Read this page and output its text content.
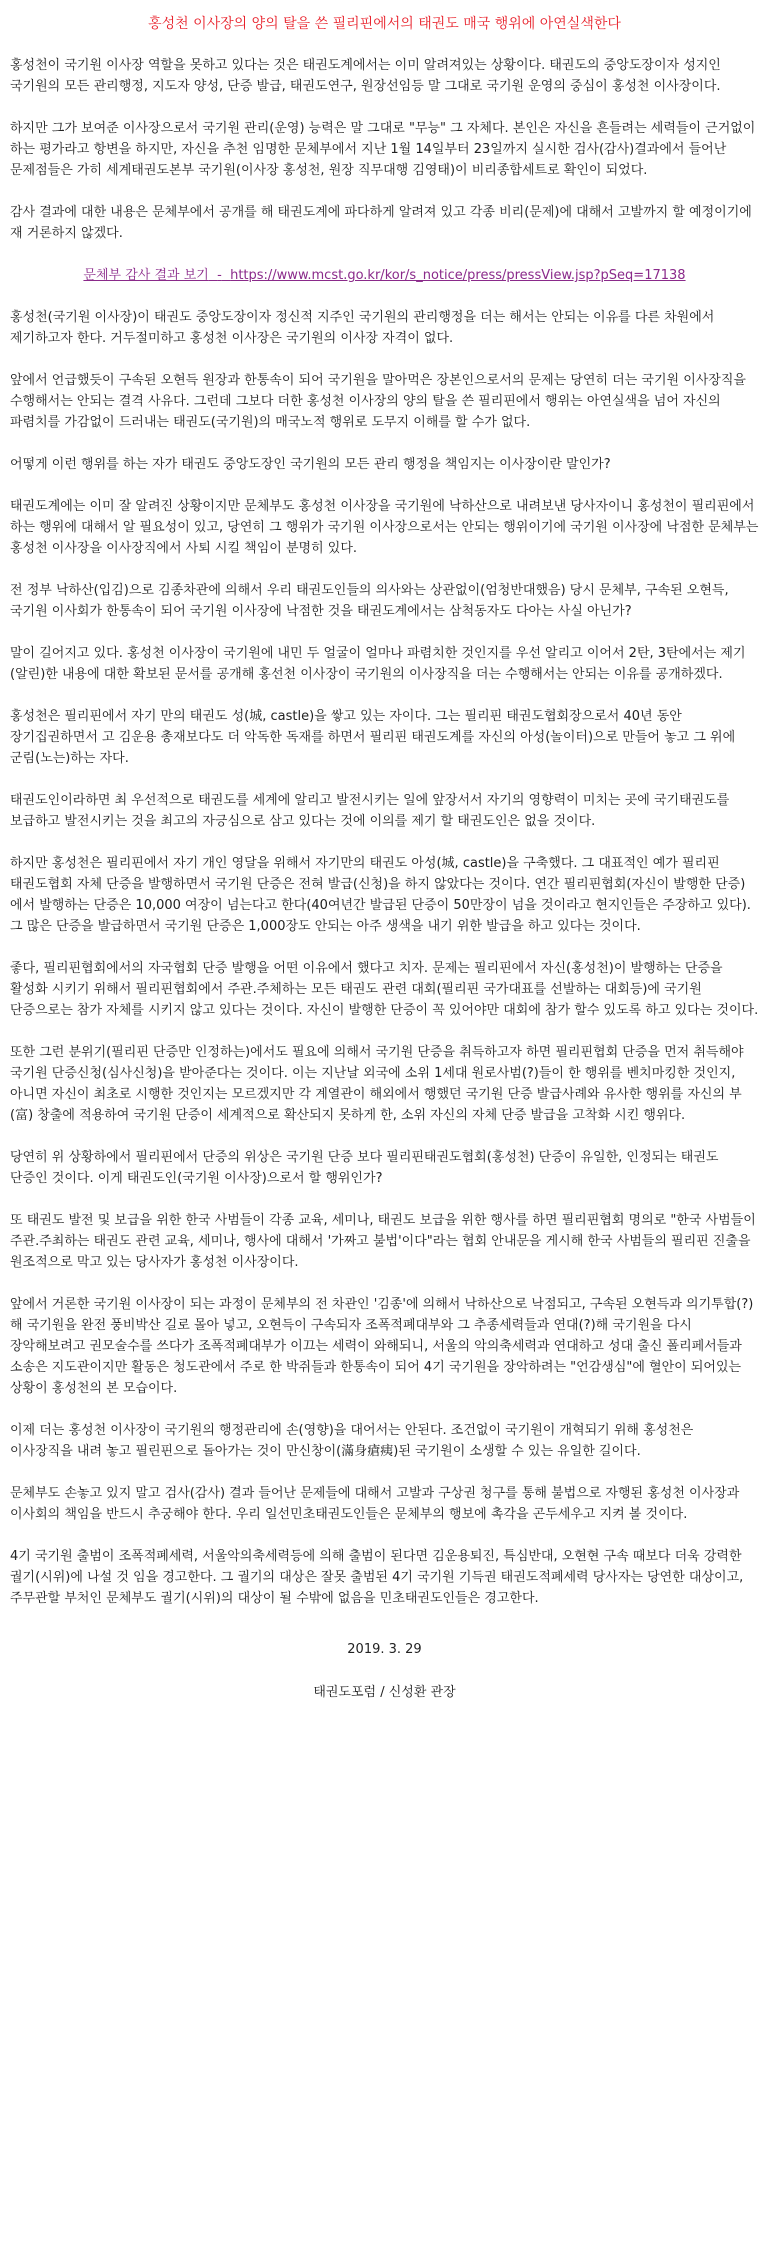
홍성천 이사장의 양의 탈을 쓴 필리핀에서의 태권도 매국 행위에 아연실색한다

홍성천이 국기원 이사장 역할을 못하고 있다는 것은 태권도계에서는 이미 알려져있는 상황이다. 태권도의 중앙도장이자 성지인 국기원의 모든 관리행정, 지도자 양성, 단증 발급, 태권도연구, 원장선임등 말 그대로 국기원 운영의 중심이 홍성천 이사장이다.

하지만 그가 보여준 이사장으로서 국기원 관리(운영) 능력은 말 그대로 "무능" 그 자체다. 본인은 자신을 흔들려는 세력들이 근거없이 하는 평가라고 항변을 하지만, 자신을 추천 임명한 문체부에서 지난 1월 14일부터 23일까지 실시한 검사(감사)결과에서 들어난 문제점들은 가히 세계태권도본부 국기원(이사장 홍성천, 원장 직무대행 김영태)이 비리종합세트로 확인이 되었다.

감사 결과에 대한 내용은 문체부에서 공개를 해 태권도계에 파다하게 알려져 있고 각종 비리(문제)에 대해서 고발까지 할 예정이기에 재 거론하지 않겠다.

문체부 감사 결과 보기 - https://www.mcst.go.kr/kor/s_notice/press/pressView.jsp?pSeq=17138

홍성천(국기원 이사장)이 태권도 중앙도장이자 정신적 지주인 국기원의 관리행정을 더는 해서는 안되는 이유를 다른 차원에서 제기하고자 한다. 거두절미하고 홍성천 이사장은 국기원의 이사장 자격이 없다.

앞에서 언급했듯이 구속된 오현득 원장과 한통속이 되어 국기원을 말아먹은 장본인으로서의 문제는 당연히 더는 국기원 이사장직을 수행해서는 안되는 결격 사유다. 그런데 그보다 더한 홍성천 이사장의 양의 탈을 쓴 필리핀에서 행위는 아연실색을 넘어 자신의 파렴치를 가감없이 드러내는 태권도(국기원)의 매국노적 행위로 도무지 이해를 할 수가 없다.

어떻게 이런 행위를 하는 자가 태권도 중앙도장인 국기원의 모든 관리 행정을 책임지는 이사장이란 말인가?

태권도계에는 이미 잘 알려진 상황이지만 문체부도 홍성천 이사장을 국기원에 낙하산으로 내려보낸 당사자이니 홍성천이 필리핀에서 하는 행위에 대해서 알 필요성이 있고, 당연히 그 행위가 국기원 이사장으로서는 안되는 행위이기에 국기원 이사장에 낙점한 문체부는 홍성천 이사장을 이사장직에서 사퇴 시킬 책임이 분명히 있다.

전 정부 낙하산(입김)으로 김종차관에 의해서 우리 태권도인들의 의사와는 상관없이(엄청반대했음) 당시 문체부, 구속된 오현득, 국기원 이사회가 한통속이 되어 국기원 이사장에 낙점한 것을 태권도계에서는 삼척동자도 다아는 사실 아닌가?

말이 길어지고 있다. 홍성천 이사장이 국기원에 내민 두 얼굴이 얼마나 파렴치한 것인지를 우선 알리고 이어서 2탄, 3탄에서는 제기(알린)한 내용에 대한 확보된 문서를 공개해 홍선천 이사장이 국기원의 이사장직을 더는 수행해서는 안되는 이유를 공개하겠다.

홍성천은 필리핀에서 자기 만의 태권도 성(城, castle)을 쌓고 있는 자이다. 그는 필리핀 태권도협회장으로서 40년 동안 장기집권하면서 고 김운용 총재보다도 더 악독한 독재를 하면서 필리핀 태권도계를 자신의 아성(놀이터)으로 만들어 놓고 그 위에 군림(노는)하는 자다.

태권도인이라하면 최 우선적으로 태권도를 세계에 알리고 발전시키는 일에 앞장서서 자기의 영향력이 미치는 곳에 국기태권도를 보급하고 발전시키는 것을 최고의 자긍심으로 삼고 있다는 것에 이의를 제기 할 태권도인은 없을 것이다.

하지만 홍성천은 필리핀에서 자기 개인 영달을 위해서 자기만의 태권도 아성(城, castle)을 구축했다. 그 대표적인 예가 필리핀 태권도협회 자체 단증을 발행하면서 국기원 단증은 전혀 발급(신청)을 하지 않았다는 것이다. 연간 필리핀협회(자신이 발행한 단증)에서 발행하는 단증은 10,000 여장이 넘는다고 한다(40여년간 발급된 단증이 50만장이 넘을 것이라고 현지인들은 주장하고 있다). 그 많은 단증을 발급하면서 국기원 단증은 1,000장도 안되는 아주 생색을 내기 위한 발급을 하고 있다는 것이다.

좋다, 필리핀협회에서의 자국협회 단증 발행을 어떤 이유에서 했다고 치자. 문제는 필리핀에서 자신(홍성천)이 발행하는 단증을 활성화 시키기 위해서 필리핀협회에서 주관.주체하는 모든 태권도 관련 대회(필리핀 국가대표를 선발하는 대회등)에 국기원 단증으로는 참가 자체를 시키지 않고 있다는 것이다. 자신이 발행한 단증이 꼭 있어야만 대회에 참가 할수 있도록 하고 있다는 것이다.

또한 그런 분위기(필리핀 단증만 인정하는)에서도 필요에 의해서 국기원 단증을 취득하고자 하면 필리핀협회 단증을 먼저 취득해야 국기원 단증신청(심사신청)을 받아준다는 것이다. 이는 지난날 외국에 소위 1세대 원로사범(?)들이 한 행위를 벤치마킹한 것인지, 아니면 자신이 최초로 시행한 것인지는 모르겠지만 각 계열관이 해외에서 행했던 국기원 단증 발급사례와 유사한 행위를 자신의 부(富) 창출에 적용하여 국기원 단증이 세계적으로 확산되지 못하게 한, 소위 자신의 자체 단증 발급을 고착화 시킨 행위다.

당연히 위 상황하에서 필리핀에서 단증의 위상은 국기원 단증 보다 필리핀태권도협회(홍성천) 단증이 유일한, 인정되는 태권도 단증인 것이다. 이게 태권도인(국기원 이사장)으로서 할 행위인가?

또 태권도 발전 및 보급을 위한 한국 사범들이 각종 교육, 세미나, 태권도 보급을 위한 행사를 하면 필리핀협회 명의로 "한국 사범들이 주관.주최하는 태권도 관련 교육, 세미나, 행사에 대해서 '가짜고 불법'이다"라는 협회 안내문을 게시해 한국 사범들의 필리핀 진출을 원조적으로 막고 있는 당사자가 홍성천 이사장이다.

앞에서 거론한 국기원 이사장이 되는 과정이 문체부의 전 차관인 '김종'에 의해서 낙하산으로 낙점되고, 구속된 오현득과 의기투합(?)해 국기원을 완전 풍비박산 길로 몰아 넣고, 오현득이 구속되자 조폭적폐대부와 그 추종세력들과 연대(?)해 국기원을 다시 장악해보려고 권모술수를 쓰다가 조폭적폐대부가 이끄는 세력이 와해되니, 서울의 악의축세력과 연대하고 성대 출신 폴리페서들과 소송은 지도관이지만 활동은 청도관에서 주로 한 박쥐들과 한통속이 되어 4기 국기원을 장악하려는 "언감생심"에 혈안이 되어있는 상황이 홍성천의 본 모습이다.

이제 더는 홍성천 이사장이 국기원의 행정관리에 손(영향)을 대어서는 안된다. 조건없이 국기원이 개혁되기 위해 홍성천은 이사장직을 내려 놓고 필린핀으로 돌아가는 것이 만신창이(滿身瘡痍)된 국기원이 소생할 수 있는 유일한 길이다.

문체부도 손놓고 있지 말고 검사(감사) 결과 들어난 문제들에 대해서 고발과 구상권 청구를 통해 불법으로 자행된 홍성천 이사장과 이사회의 책임을 반드시 추궁해야 한다. 우리 일선민초태권도인들은 문체부의 행보에 촉각을 곤두세우고 지켜 볼 것이다.

4기 국기원 출범이 조폭적폐세력, 서울악의축세력등에 의해 출범이 된다면 김운용퇴진, 특심반대, 오현현 구속 때보다 더욱 강력한 궐기(시위)에 나설 것 임을 경고한다. 그 궐기의 대상은 잘못 출범된 4기 국기원 기득권 태권도적폐세력 당사자는 당연한 대상이고, 주무관할 부처인 문체부도 궐기(시위)의 대상이 될 수밖에 없음을 민초태권도인들은 경고한다.

2019. 3. 29
태권도포럼 / 신성환 관장
